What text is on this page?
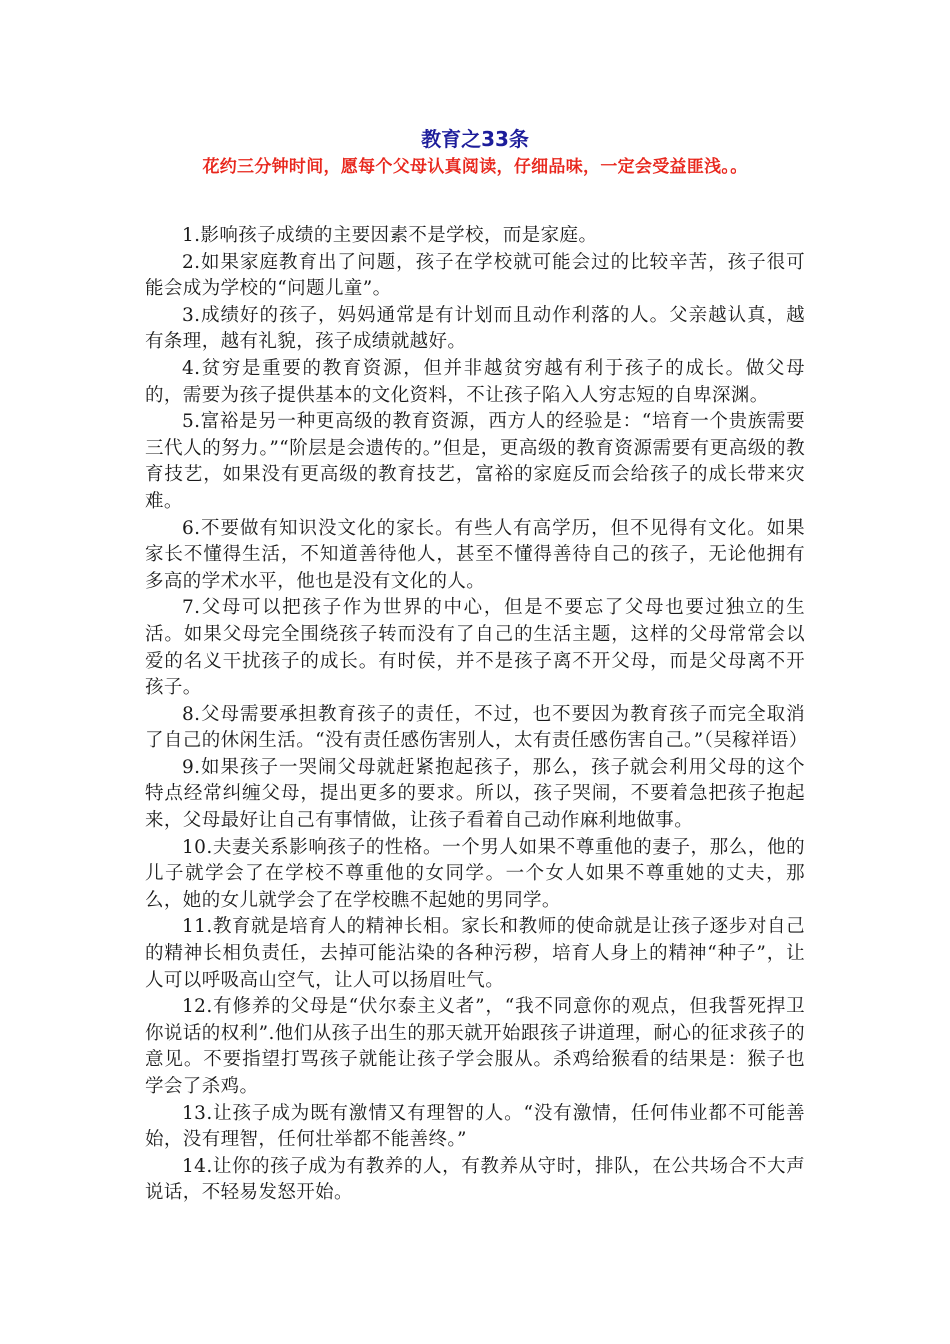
教育之33条
花约三分钟时间，愿每个父母认真阅读，仔细品味，一定会受益匪浅。。

1.影响孩子成绩的主要因素不是学校，而是家庭。

2.如果家庭教育出了问题，孩子在学校就可能会过的比较辛苦，孩子很可能会成为学校的“问题儿童”。

3.成绩好的孩子，妈妈通常是有计划而且动作利落的人。父亲越认真，越有条理，越有礼貌，孩子成绩就越好。

4.贫穷是重要的教育资源，但并非越贫穷越有利于孩子的成长。做父母的，需要为孩子提供基本的文化资料，不让孩子陷入人穷志短的自卑深渊。

5.富裕是另一种更高级的教育资源，西方人的经验是：“培育一个贵族需要三代人的努力。”“阶层是会遗传的。”但是，更高级的教育资源需要有更高级的教育技艺，如果没有更高级的教育技艺，富裕的家庭反而会给孩子的成长带来灾难。

6.不要做有知识没文化的家长。有些人有高学历，但不见得有文化。如果家长不懂得生活，不知道善待他人，甚至不懂得善待自己的孩子，无论他拥有多高的学术水平，他也是没有文化的人。

7.父母可以把孩子作为世界的中心，但是不要忘了父母也要过独立的生活。如果父母完全围绕孩子转而没有了自己的生活主题，这样的父母常常会以爱的名义干扰孩子的成长。有时侯，并不是孩子离不开父母，而是父母离不开孩子。

8.父母需要承担教育孩子的责任，不过，也不要因为教育孩子而完全取消了自己的休闲生活。“没有责任感伤害别人，太有责任感伤害自己。”（吴稼祥语）

9.如果孩子一哭闹父母就赶紧抱起孩子，那么，孩子就会利用父母的这个特点经常纠缠父母，提出更多的要求。所以，孩子哭闹，不要着急把孩子抱起来，父母最好让自己有事情做，让孩子看着自己动作麻利地做事。

10.夫妻关系影响孩子的性格。一个男人如果不尊重他的妻子，那么，他的儿子就学会了在学校不尊重他的女同学。一个女人如果不尊重她的丈夫，那么，她的女儿就学会了在学校瞧不起她的男同学。

11.教育就是培育人的精神长相。家长和教师的使命就是让孩子逐步对自己的精神长相负责任，去掉可能沾染的各种污秽，培育人身上的精神“种子”，让人可以呼吸高山空气，让人可以扬眉吐气。

12.有修养的父母是“伏尔泰主义者”，“我不同意你的观点，但我誓死捍卫你说话的权利”.他们从孩子出生的那天就开始跟孩子讲道理，耐心的征求孩子的意见。不要指望打骂孩子就能让孩子学会服从。杀鸡给猴看的结果是：猴子也学会了杀鸡。

13.让孩子成为既有激情又有理智的人。“没有激情，任何伟业都不可能善始，没有理智，任何壮举都不能善终。”

14.让你的孩子成为有教养的人，有教养从守时，排队，在公共场合不大声说话，不轻易发怒开始。
